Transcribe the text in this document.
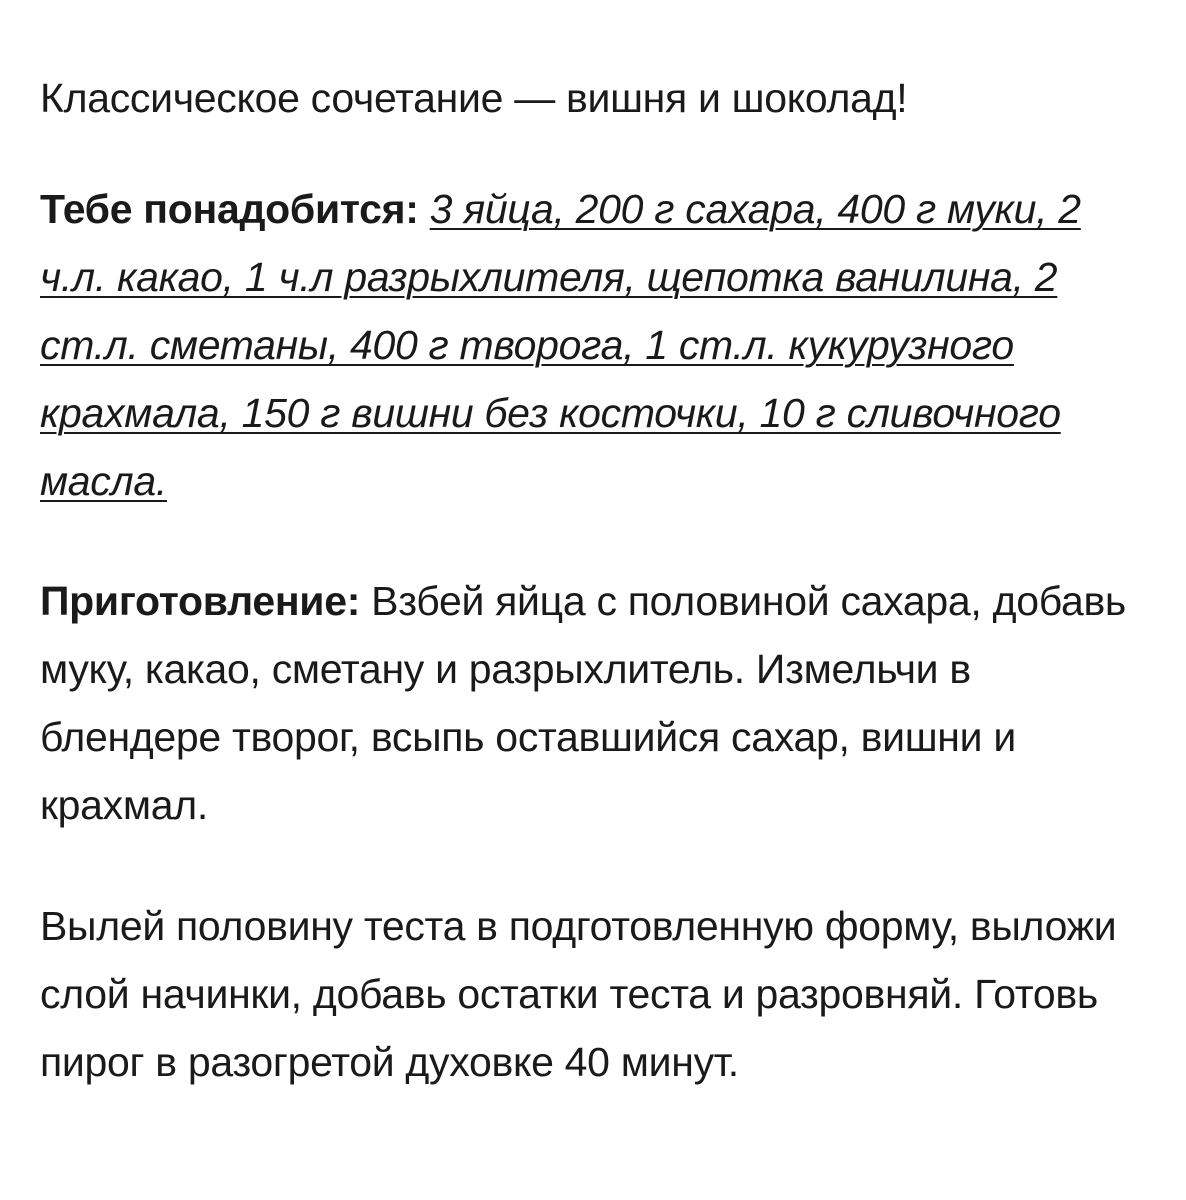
Классическое сочетание — вишня и шоколад!

Тебе понадобится: 3 яйца, 200 г сахара, 400 г муки, 2 ч.л. какао, 1 ч.л разрыхлителя, щепотка ванилина, 2 ст.л. сметаны, 400 г творога, 1 ст.л. кукурузного крахмала, 150 г вишни без косточки, 10 г сливочного масла.

Приготовление: Взбей яйца с половиной сахара, добавь муку, какао, сметану и разрыхлитель. Измельчи в блендере творог, всыпь оставшийся сахар, вишни и крахмал.

Вылей половину теста в подготовленную форму, выложи слой начинки, добавь остатки теста и разровняй. Готовь пирог в разогретой духовке 40 минут.
